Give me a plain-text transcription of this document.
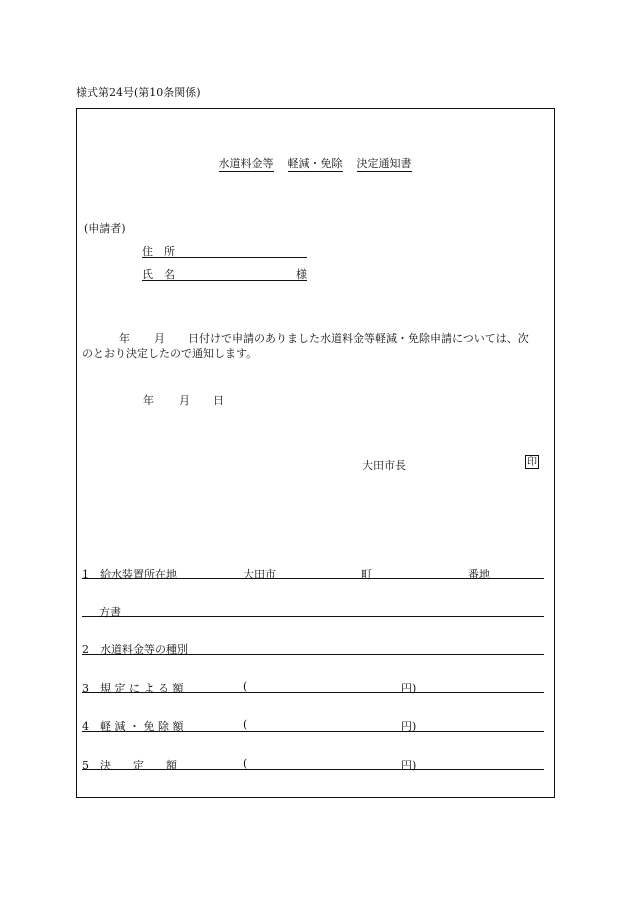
様式第24号(第10条関係)
水道料金等 軽減・免除 決定通知書
(申請者)
住　所
氏　名	様
年 月 日付けで申請のありました水道料金等軽減・免除申請については、次
のとおり決定したので通知します。
年 月 日
大田市長	印
1　給水装置所在地	大田市	町	番地
方書
2　水道料金等の種別
3　規 定 に よ る 額	(	円)
4　軽 減 ・ 免 除 額	(	円)
5　決　　定　　額	(	円)
